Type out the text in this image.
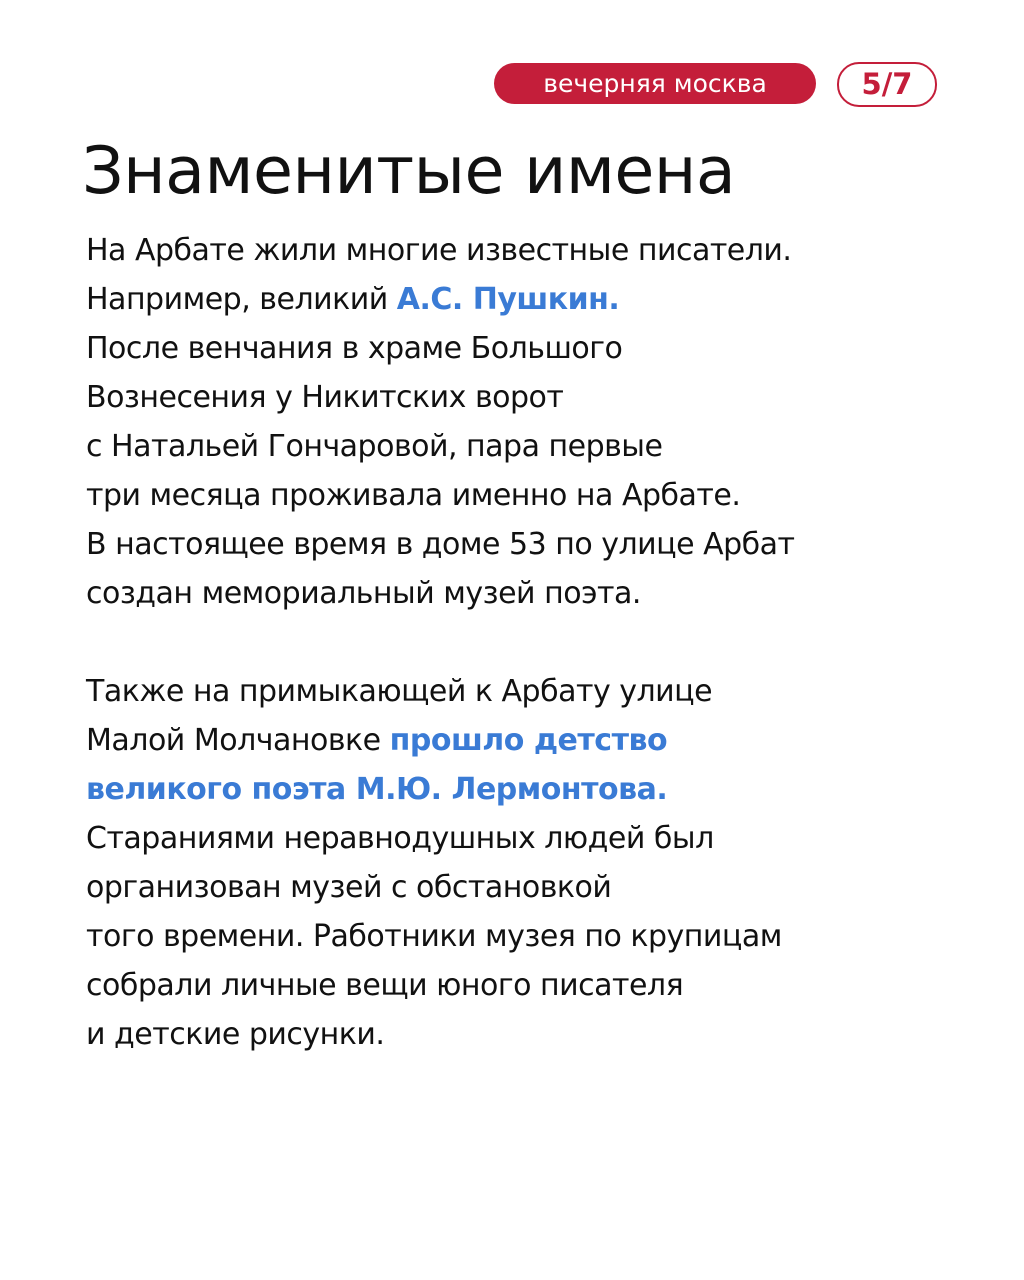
вечерняя москва	5/7
Знаменитые имена
На Арбате жили многие известные писатели.
Например, великий А.С. Пушкин.
После венчания в храме Большого
Вознесения у Никитских ворот
с Натальей Гончаровой, пара первые
три месяца проживала именно на Арбате.
В настоящее время в доме 53 по улице Арбат
создан мемориальный музей поэта.
Также на примыкающей к Арбату улице
Малой Молчановке прошло детство
великого поэта М.Ю. Лермонтова.
Стараниями неравнодушных людей был
организован музей с обстановкой
того времени. Работники музея по крупицам
собрали личные вещи юного писателя
и детские рисунки.
